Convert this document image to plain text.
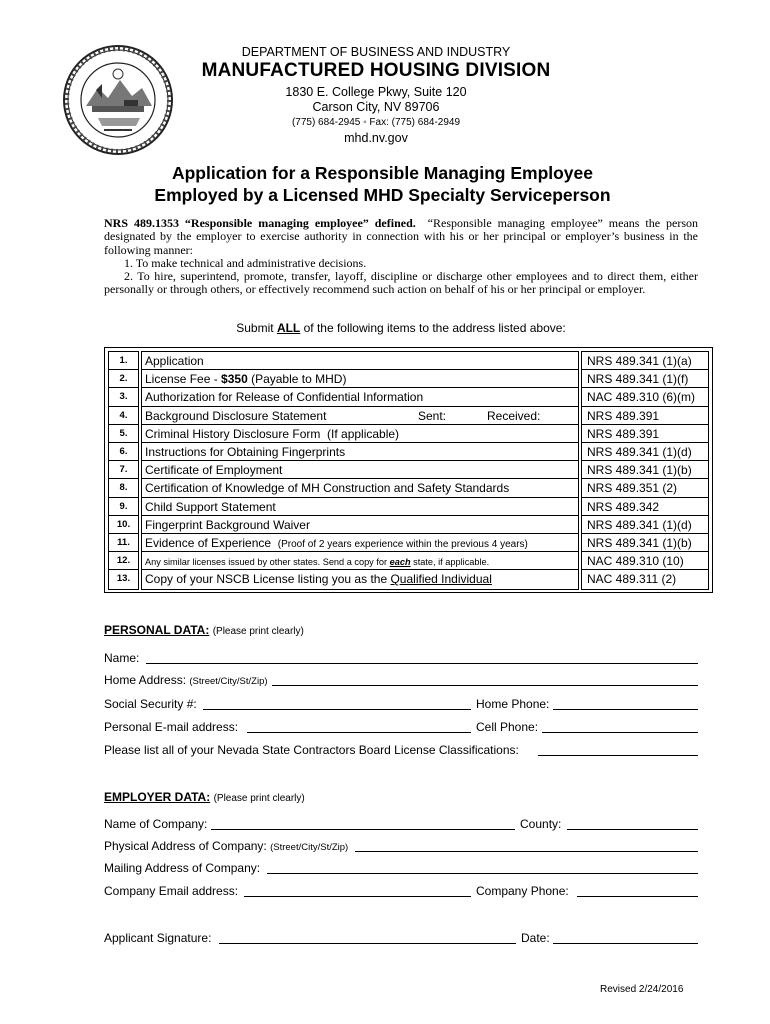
DEPARTMENT OF BUSINESS AND INDUSTRY
MANUFACTURED HOUSING DIVISION
1830 E. College Pkwy, Suite 120
Carson City, NV 89706
(775) 684-2945 ◦ Fax: (775) 684-2949
mhd.nv.gov
Application for a Responsible Managing Employee
Employed by a Licensed MHD Specialty Serviceperson
NRS 489.1353 “Responsible managing employee” defined. “Responsible managing employee” means the person designated by the employer to exercise authority in connection with his or her principal or employer’s business in the following manner:
1. To make technical and administrative decisions.
2. To hire, superintend, promote, transfer, layoff, discipline or discharge other employees and to direct them, either personally or through others, or effectively recommend such action on behalf of his or her principal or employer.
Submit ALL of the following items to the address listed above:
1.	Application	NRS 489.341 (1)(a)
2.	License Fee - $350 (Payable to MHD)	NRS 489.341 (1)(f)
3.	Authorization for Release of Confidential Information	NAC 489.310 (6)(m)
4.	Background Disclosure Statement	Sent:	Received:	NRS 489.391
5.	Criminal History Disclosure Form  (If applicable)	NRS 489.391
6.	Instructions for Obtaining Fingerprints	NRS 489.341 (1)(d)
7.	Certificate of Employment	NRS 489.341 (1)(b)
8.	Certification of Knowledge of MH Construction and Safety Standards	NRS 489.351 (2)
9.	Child Support Statement	NRS 489.342
10.	Fingerprint Background Waiver	NRS 489.341 (1)(d)
11.	Evidence of Experience (Proof of 2 years experience within the previous 4 years)	NRS 489.341 (1)(b)
12.	Any similar licenses issued by other states. Send a copy for each state, if applicable.	NAC 489.310 (10)
13.	Copy of your NSCB License listing you as the Qualified Individual	NAC 489.311 (2)
PERSONAL DATA: (Please print clearly)
Name:
Home Address: (Street/City/St/Zip)
Social Security #:	Home Phone:
Personal E-mail address:	Cell Phone:
Please list all of your Nevada State Contractors Board License Classifications:
EMPLOYER DATA: (Please print clearly)
Name of Company:	County:
Physical Address of Company: (Street/City/St/Zip)
Mailing Address of Company:
Company Email address:	Company Phone:
Applicant Signature:	Date:
Revised 2/24/2016
